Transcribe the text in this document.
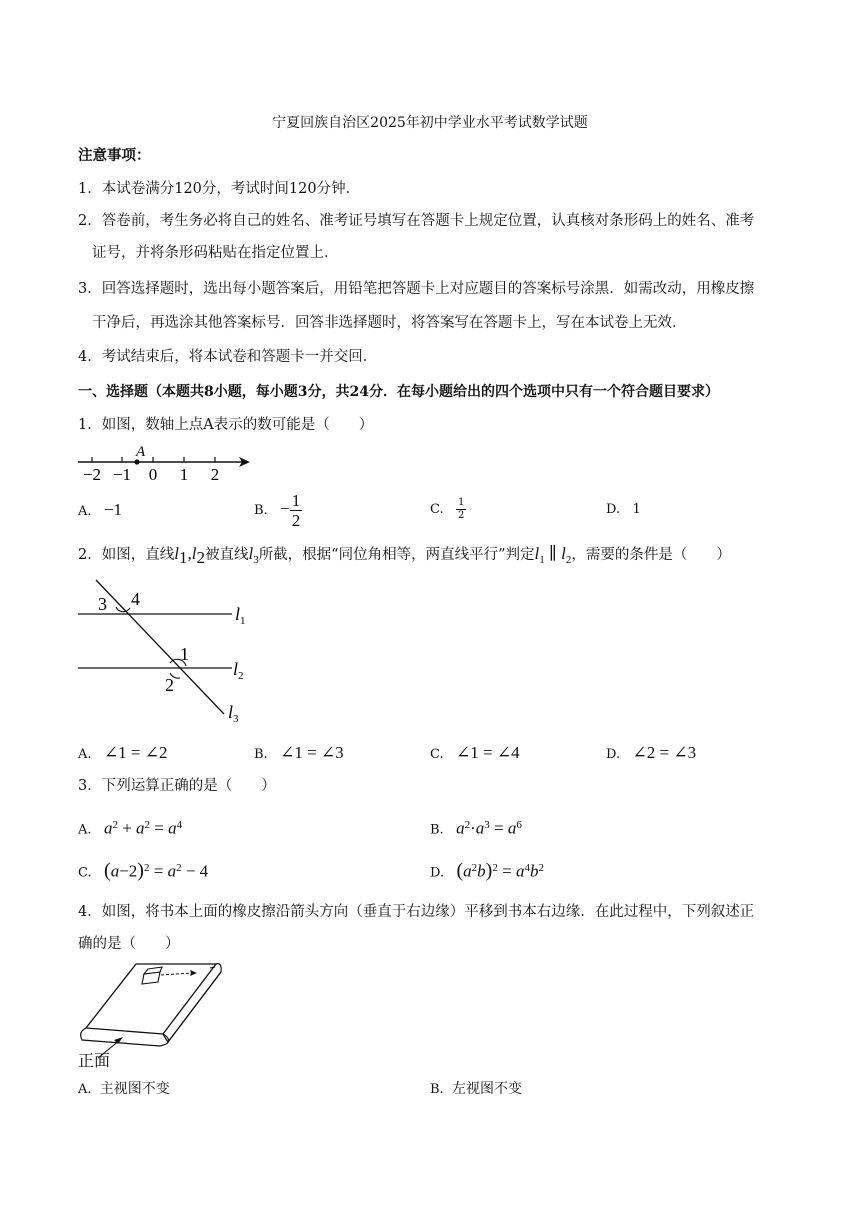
宁夏回族自治区2025年初中学业水平考试数学试题
注意事项：
1．本试卷满分120分，考试时间120分钟．
2．答卷前，考生务必将自己的姓名、准考证号填写在答题卡上规定位置，认真核对条形码上的姓名、准考
证号，并将条形码粘贴在指定位置上．
3．回答选择题时，选出每小题答案后，用铅笔把答题卡上对应题目的答案标号涂黑．如需改动，用橡皮擦
干净后，再选涂其他答案标号．回答非选择题时，将答案写在答题卡上，写在本试卷上无效．
4．考试结束后，将本试卷和答题卡一并交回．
一、选择题（本题共8小题，每小题3分，共24分．在每小题给出的四个选项中只有一个符合题目要求）
1．如图，数轴上点A表示的数可能是（　　）
A
−2 −1 0 1 2
A. −1	B. − $\frac{1}{2}$	C. $\frac{1}{2}$	D. 1
2．如图，直线$l_1,l_2$被直线$l_3$所截，根据“同位角相等，两直线平行”判定$l_1$ ∥ $l_2$，需要的条件是（　　）
3 4
1
2
$l_1$
$l_2$
$l_3$
A. ∠1 = ∠2	B. ∠1 = ∠3	C. ∠1 = ∠4	D. ∠2 = ∠3
3．下列运算正确的是（　　）
A. $a^2 + a^2 = a^4$	B. $a^2\cdot a^3 = a^6$
C. $(a-2)^2 = a^2 - 4$	D. $(a^2b)^2 = a^4b^2$
4．如图，将书本上面的橡皮擦沿箭头方向（垂直于右边缘）平移到书本右边缘．在此过程中，下列叙述正
确的是（　　）
正面
A. 主视图不变	B. 左视图不变
